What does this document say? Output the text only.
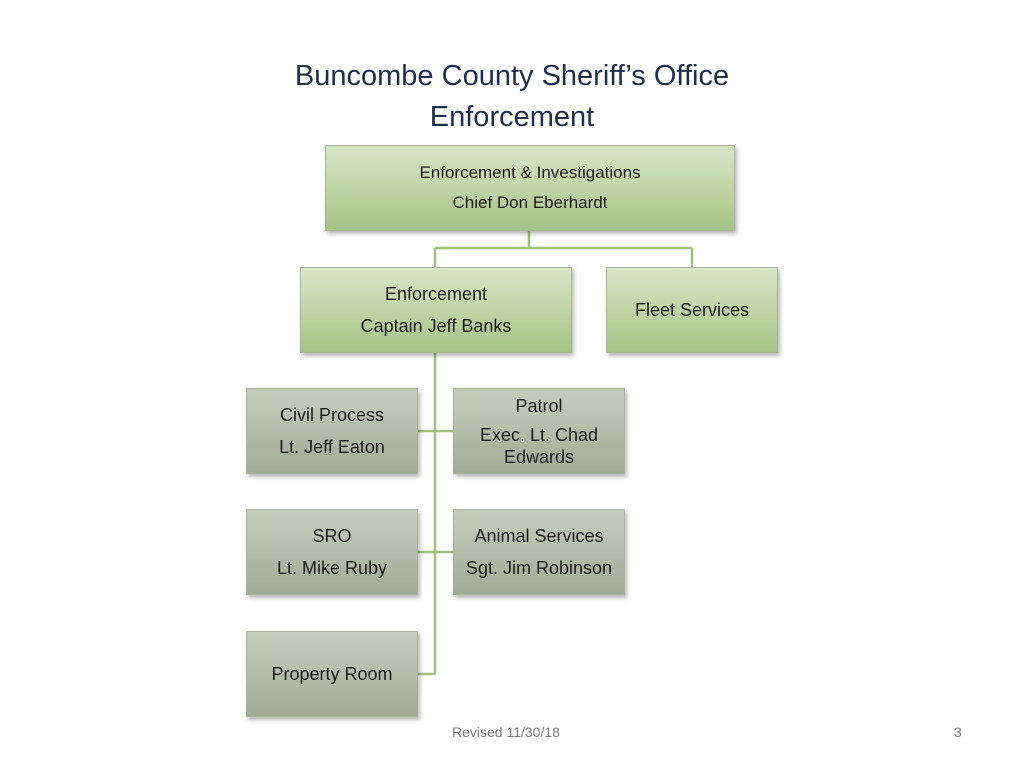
Buncombe County Sheriff’s Office
Enforcement
Enforcement & Investigations
Chief Don Eberhardt
Enforcement
Captain Jeff Banks
Fleet Services
Civil Process
Lt. Jeff Eaton
Patrol
Exec. Lt. Chad Edwards
SRO
Lt. Mike Ruby
Animal Services
Sgt. Jim Robinson
Property Room
Revised 11/30/18	3
